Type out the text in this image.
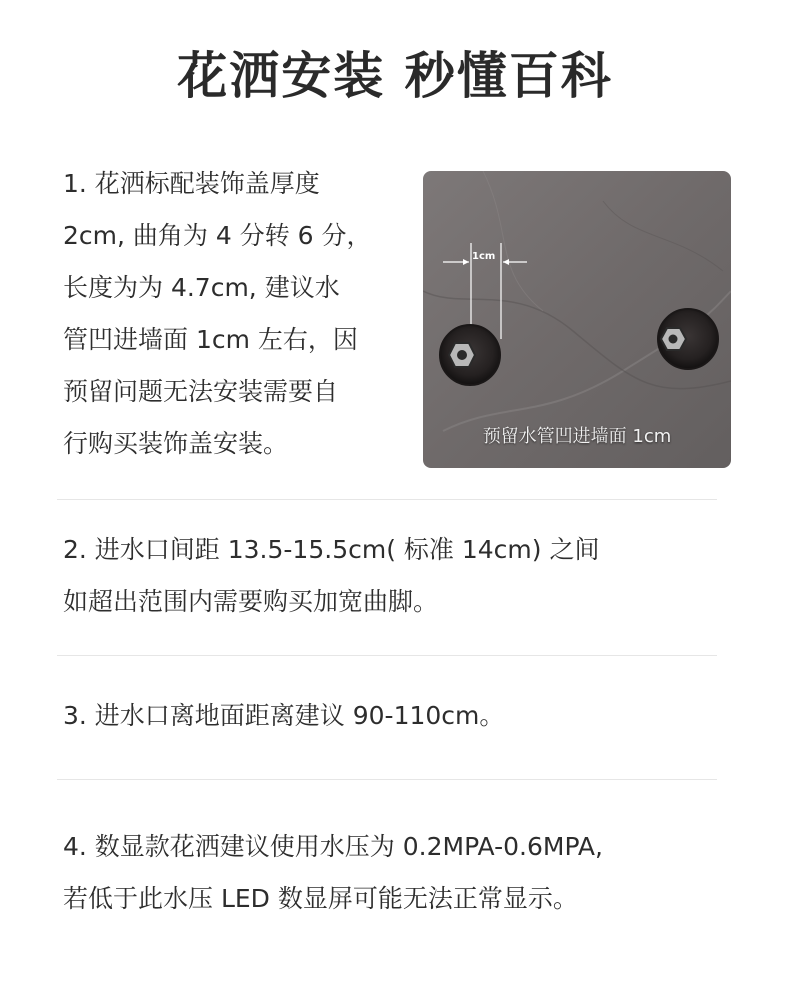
花洒安装 秒懂百科
1. 花洒标配装饰盖厚度
2cm, 曲角为 4 分转 6 分，
长度为为 4.7cm, 建议水
管凹进墙面 1cm 左右，因
预留问题无法安装需要自
行购买装饰盖安装。
1cm
预留水管凹进墙面 1cm
2. 进水口间距 13.5-15.5cm( 标准 14cm) 之间
如超出范围内需要购买加宽曲脚。
3. 进水口离地面距离建议 90-110cm。
4. 数显款花洒建议使用水压为 0.2MPA-0.6MPA,
若低于此水压 LED 数显屏可能无法正常显示。
